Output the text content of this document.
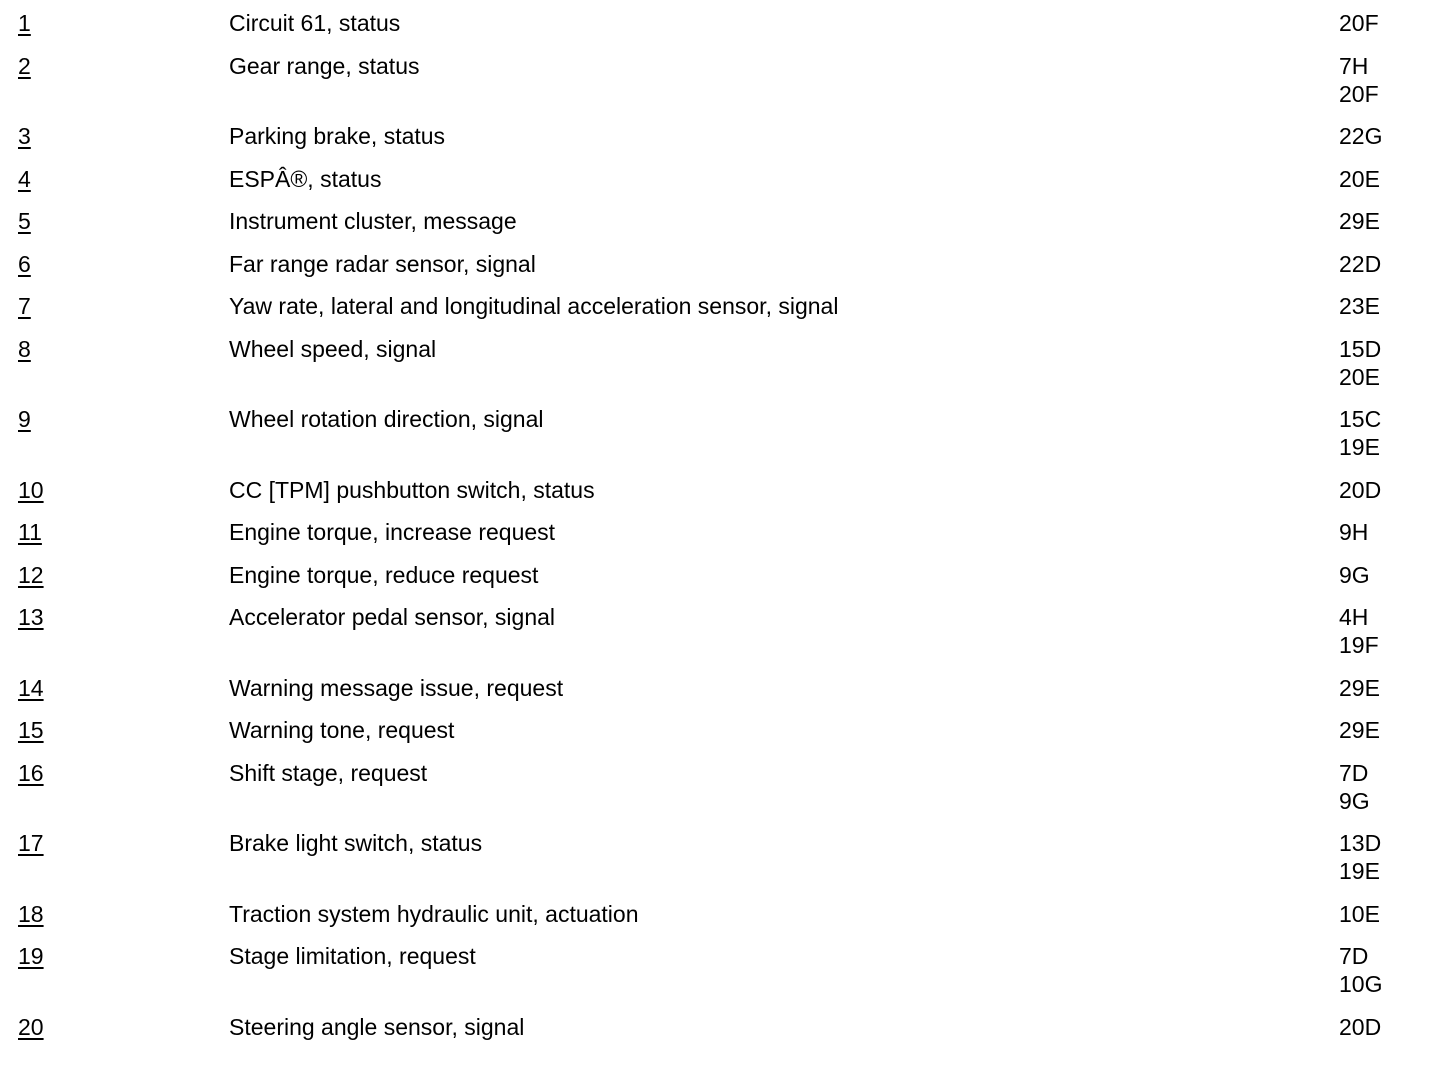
1	Circuit 61, status	20F
2	Gear range, status	7H
20F
3	Parking brake, status	22G
4	ESPÂ®, status	20E
5	Instrument cluster, message	29E
6	Far range radar sensor, signal	22D
7	Yaw rate, lateral and longitudinal acceleration sensor, signal	23E
8	Wheel speed, signal	15D
20E
9	Wheel rotation direction, signal	15C
19E
10	CC [TPM] pushbutton switch, status	20D
11	Engine torque, increase request	9H
12	Engine torque, reduce request	9G
13	Accelerator pedal sensor, signal	4H
19F
14	Warning message issue, request	29E
15	Warning tone, request	29E
16	Shift stage, request	7D
9G
17	Brake light switch, status	13D
19E
18	Traction system hydraulic unit, actuation	10E
19	Stage limitation, request	7D
10G
20	Steering angle sensor, signal	20D
